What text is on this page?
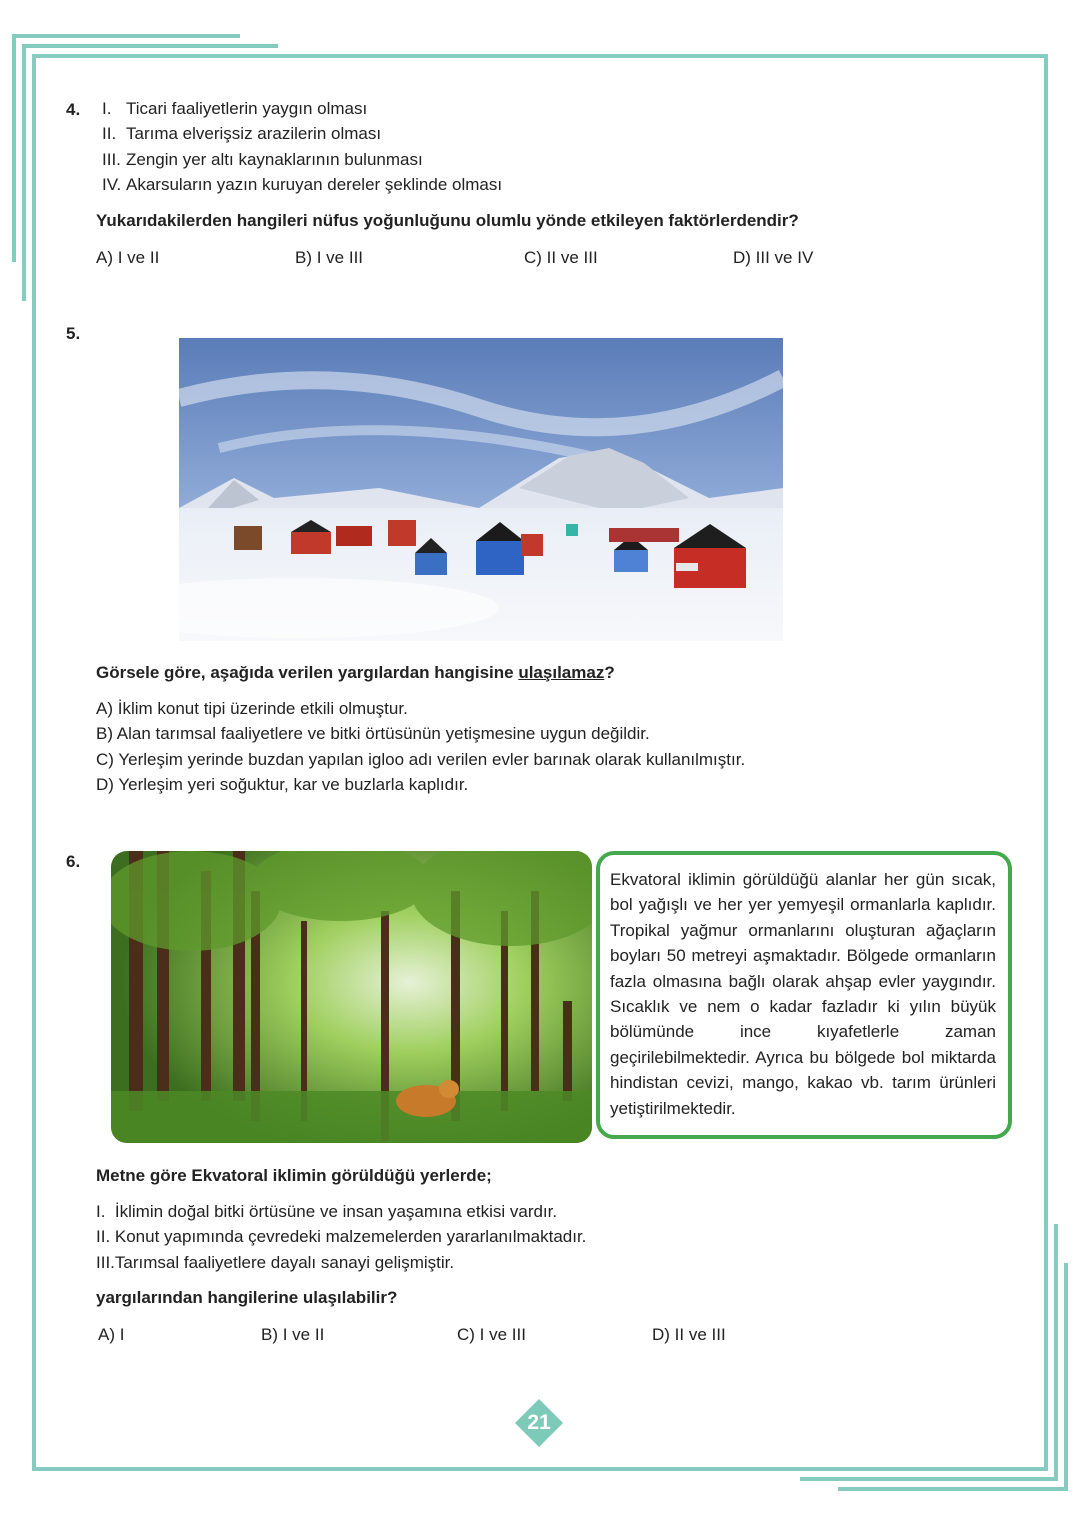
4. I. Ticari faaliyetlerin yaygın olması
II. Tarıma elverişsiz arazilerin olması
III. Zengin yer altı kaynaklarının bulunması
IV. Akarsuların yazın kuruyan dereler şeklinde olması
Yukarıdakilerden hangileri nüfus yoğunluğunu olumlu yönde etkileyen faktörlerdendir?
A) I ve II	B) I ve III	C) II ve III	D) III ve IV
5.
Görsele göre, aşağıda verilen yargılardan hangisine ulaşılamaz?
A) İklim konut tipi üzerinde etkili olmuştur.
B) Alan tarımsal faaliyetlere ve bitki örtüsünün yetişmesine uygun değildir.
C) Yerleşim yerinde buzdan yapılan igloo adı verilen evler barınak olarak kullanılmıştır.
D) Yerleşim yeri soğuktur, kar ve buzlarla kaplıdır.
6.
Ekvatoral iklimin görüldüğü alanlar her gün sıcak, bol yağışlı ve her yer yemyeşil ormanlarla kaplıdır. Tropikal yağmur ormanlarını oluşturan ağaçların boyları 50 metreyi aşmaktadır. Bölgede ormanların fazla olmasına bağlı olarak ahşap evler yaygındır. Sıcaklık ve nem o kadar fazladır ki yılın büyük bölümünde ince kıyafetlerle zaman geçirilebilmektedir. Ayrıca bu bölgede bol miktarda hindistan cevizi, mango, kakao vb. tarım ürünleri yetiştirilmektedir.
Metne göre Ekvatoral iklimin görüldüğü yerlerde;
I.  İklimin doğal bitki örtüsüne ve insan yaşamına etkisi vardır.
II. Konut yapımında çevredeki malzemelerden yararlanılmaktadır.
III.Tarımsal faaliyetlere dayalı sanayi gelişmiştir.
yargılarından hangilerine ulaşılabilir?
A) I	B) I ve II	C) I ve III	D) II ve III
21
